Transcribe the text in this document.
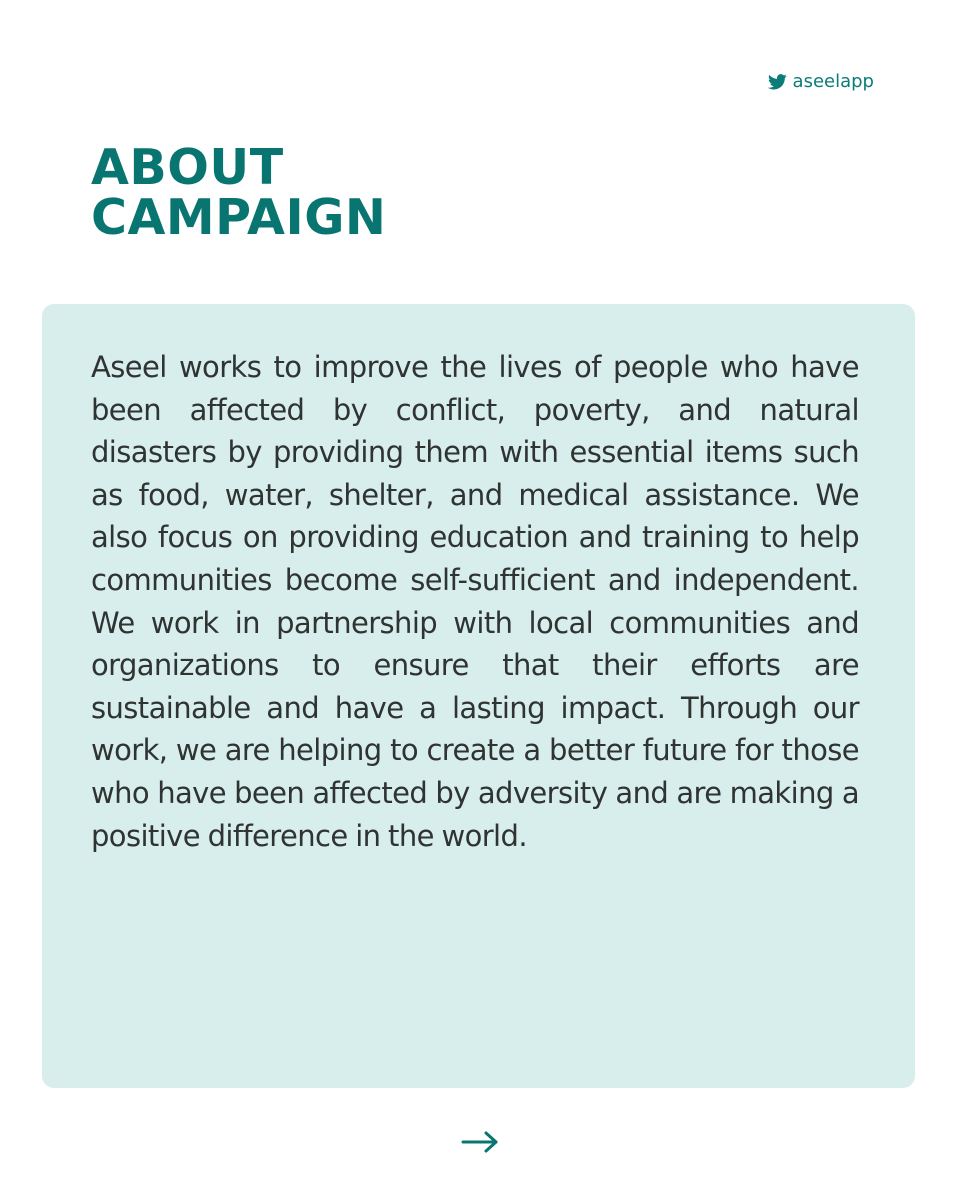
aseelapp
ABOUT
CAMPAIGN

Aseel works to improve the lives of people who have been affected by conflict, poverty, and natural disasters by providing them with essential items such as food, water, shelter, and medical assistance. We also focus on providing education and training to help communities become self-sufficient and independent. We work in partnership with local communities and organizations to ensure that their efforts are sustainable and have a lasting impact. Through our work, we are helping to create a better future for those who have been affected by adversity and are making a positive difference in the world.
